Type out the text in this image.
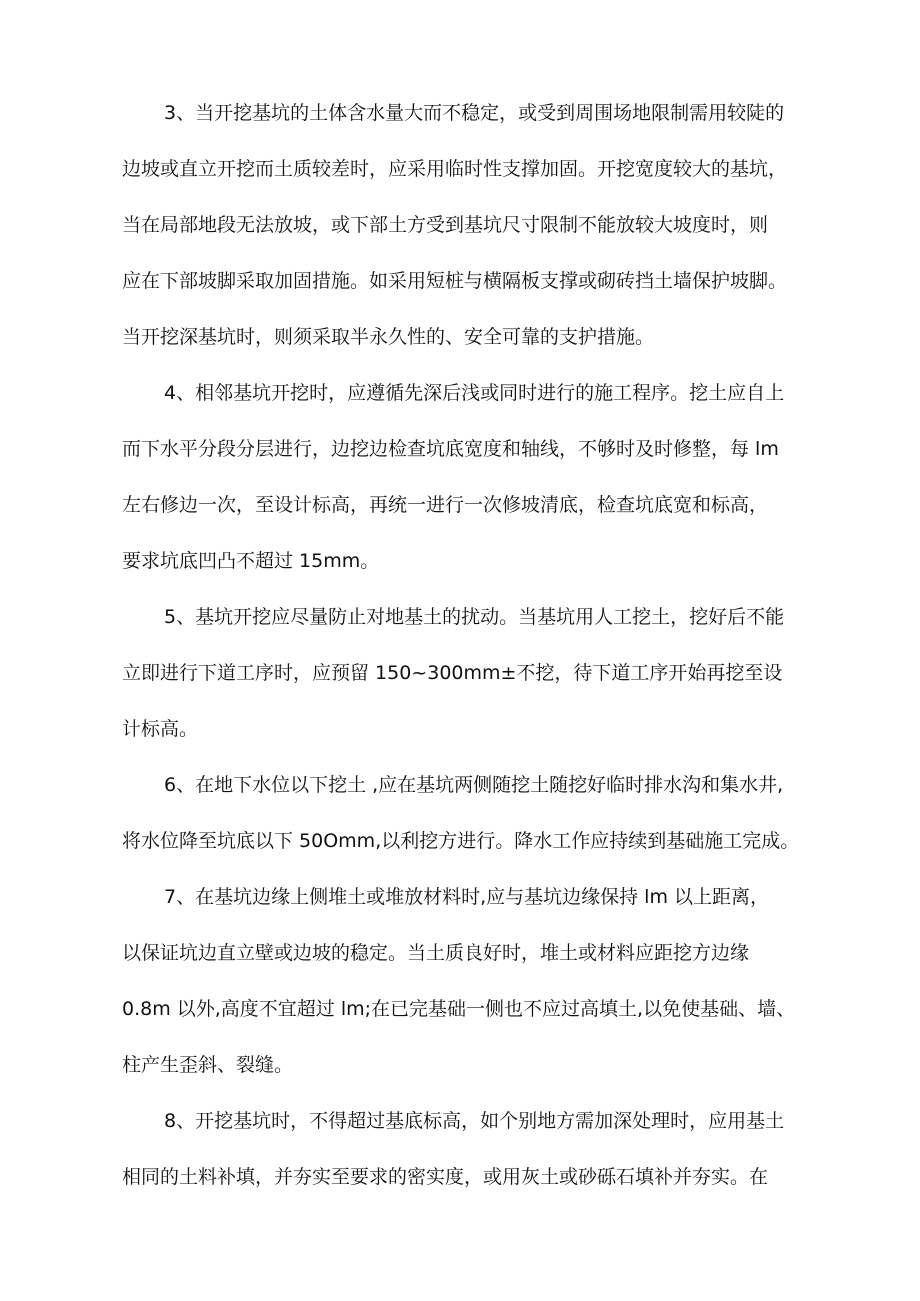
3、当开挖基坑的土体含水量大而不稳定，或受到周围场地限制需用较陡的
边坡或直立开挖而土质较差时，应采用临时性支撑加固。开挖宽度较大的基坑，
当在局部地段无法放坡，或下部土方受到基坑尺寸限制不能放较大坡度时，则
应在下部坡脚采取加固措施。如采用短桩与横隔板支撑或砌砖挡土墙保护坡脚。
当开挖深基坑时，则须采取半永久性的、安全可靠的支护措施。
4、相邻基坑开挖时，应遵循先深后浅或同时进行的施工程序。挖土应自上
而下水平分段分层进行，边挖边检查坑底宽度和轴线，不够时及时修整，每 lm
左右修边一次，至设计标高，再统一进行一次修坡清底，检查坑底宽和标高，
要求坑底凹凸不超过 15mm。
5、基坑开挖应尽量防止对地基土的扰动。当基坑用人工挖土，挖好后不能
立即进行下道工序时，应预留 150~300mm±不挖，待下道工序开始再挖至设
计标高。
6、在地下水位以下挖土 ,应在基坑两侧随挖土随挖好临时排水沟和集水井,
将水位降至坑底以下 50Omm,以利挖方进行。降水工作应持续到基础施工完成。
7、在基坑边缘上侧堆土或堆放材料时,应与基坑边缘保持 lm 以上距离，
以保证坑边直立壁或边坡的稳定。当土质良好时，堆土或材料应距挖方边缘
0.8m 以外,高度不宜超过 lm;在已完基础一侧也不应过高填土,以免使基础、墙、
柱产生歪斜、裂缝。
8、开挖基坑时，不得超过基底标高，如个别地方需加深处理时，应用基土
相同的土料补填，并夯实至要求的密实度，或用灰土或砂砾石填补并夯实。在
